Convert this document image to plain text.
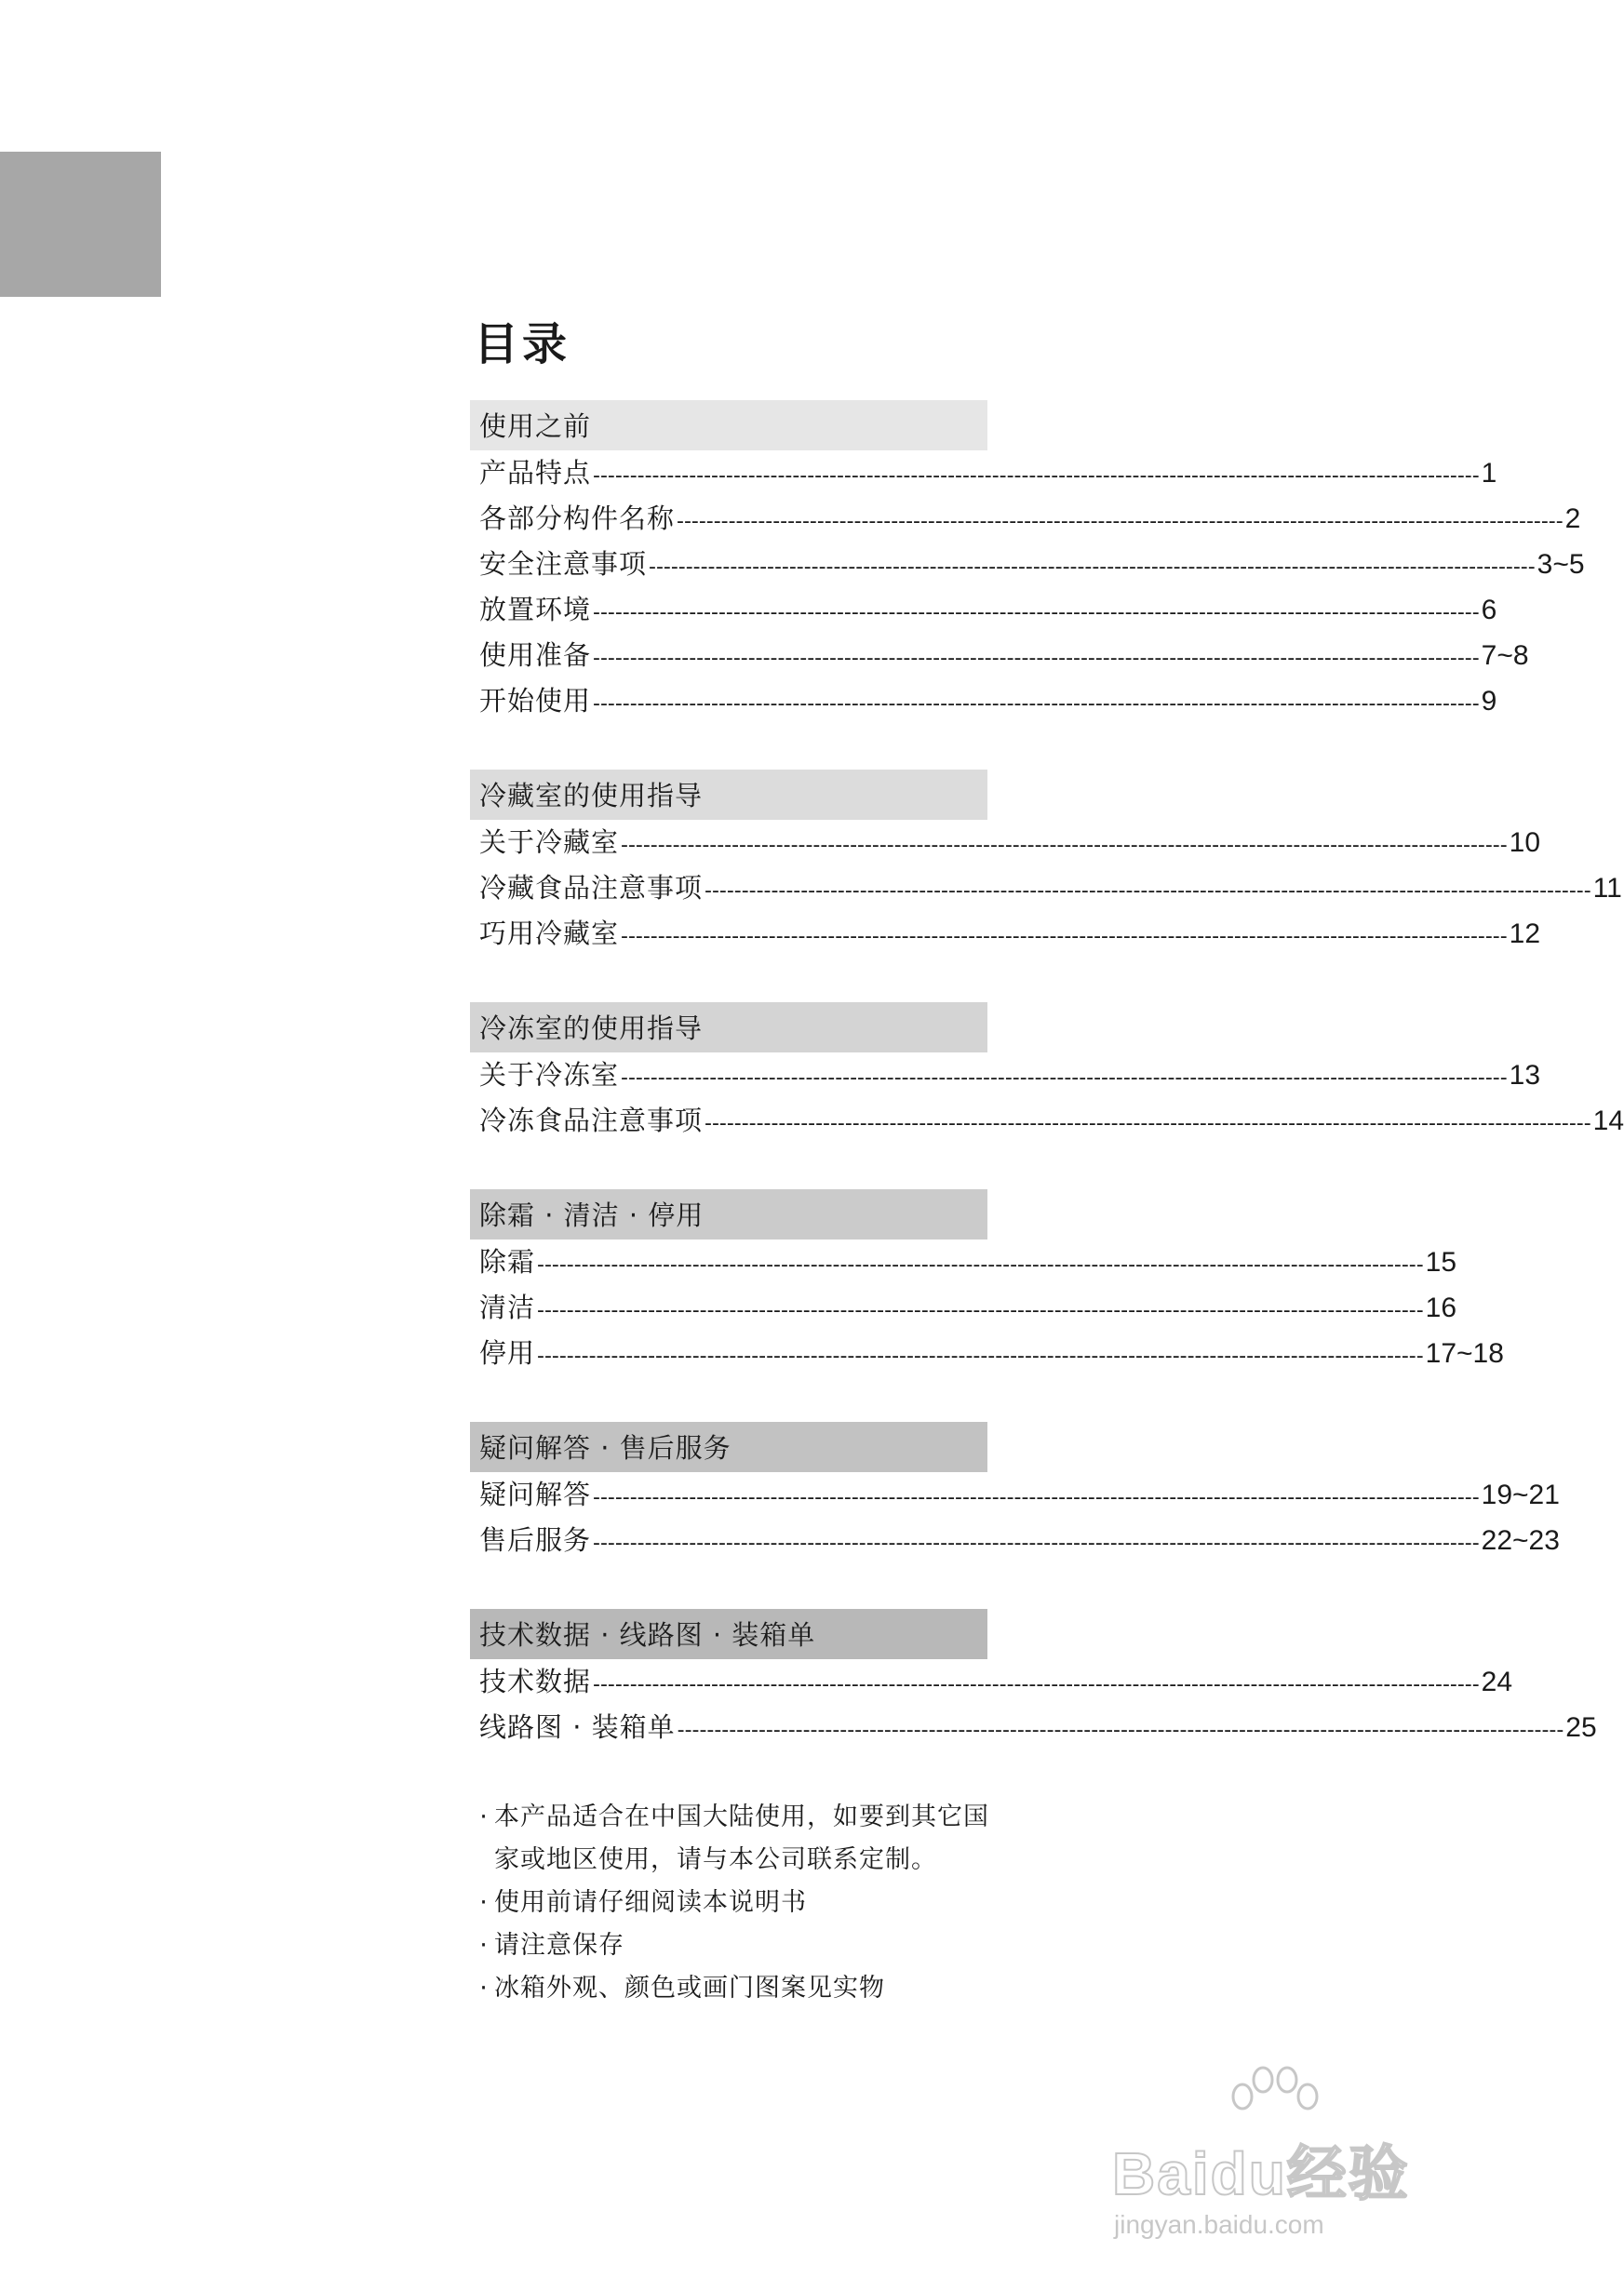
目录
使用之前
产品特点 ------------------------------------------------------------------------------------------------------------------------ 1
各部分构件名称 ------------------------------------------------------------------------------------------------------------------------ 2
安全注意事项 ------------------------------------------------------------------------------------------------------------------------ 3~5
放置环境 ------------------------------------------------------------------------------------------------------------------------ 6
使用准备 ------------------------------------------------------------------------------------------------------------------------ 7~8
开始使用 ------------------------------------------------------------------------------------------------------------------------ 9
冷藏室的使用指导
关于冷藏室 ------------------------------------------------------------------------------------------------------------------------ 10
冷藏食品注意事项 ------------------------------------------------------------------------------------------------------------------------ 11
巧用冷藏室 ------------------------------------------------------------------------------------------------------------------------ 12
冷冻室的使用指导
关于冷冻室 ------------------------------------------------------------------------------------------------------------------------ 13
冷冻食品注意事项 ------------------------------------------------------------------------------------------------------------------------ 14
除霜 · 清洁 · 停用
除霜 ------------------------------------------------------------------------------------------------------------------------ 15
清洁 ------------------------------------------------------------------------------------------------------------------------ 16
停用 ------------------------------------------------------------------------------------------------------------------------ 17~18
疑问解答 · 售后服务
疑问解答 ------------------------------------------------------------------------------------------------------------------------ 19~21
售后服务 ------------------------------------------------------------------------------------------------------------------------ 22~23
技术数据 · 线路图 · 装箱单
技术数据 ------------------------------------------------------------------------------------------------------------------------ 24
线路图 · 装箱单 ------------------------------------------------------------------------------------------------------------------------ 25
· 本产品适合在中国大陆使用，如要到其它国家或地区使用，请与本公司联系定制。
· 使用前请仔细阅读本说明书
· 请注意保存
· 冰箱外观、颜色或画门图案见实物
Baidu经验
jingyan.baidu.com
